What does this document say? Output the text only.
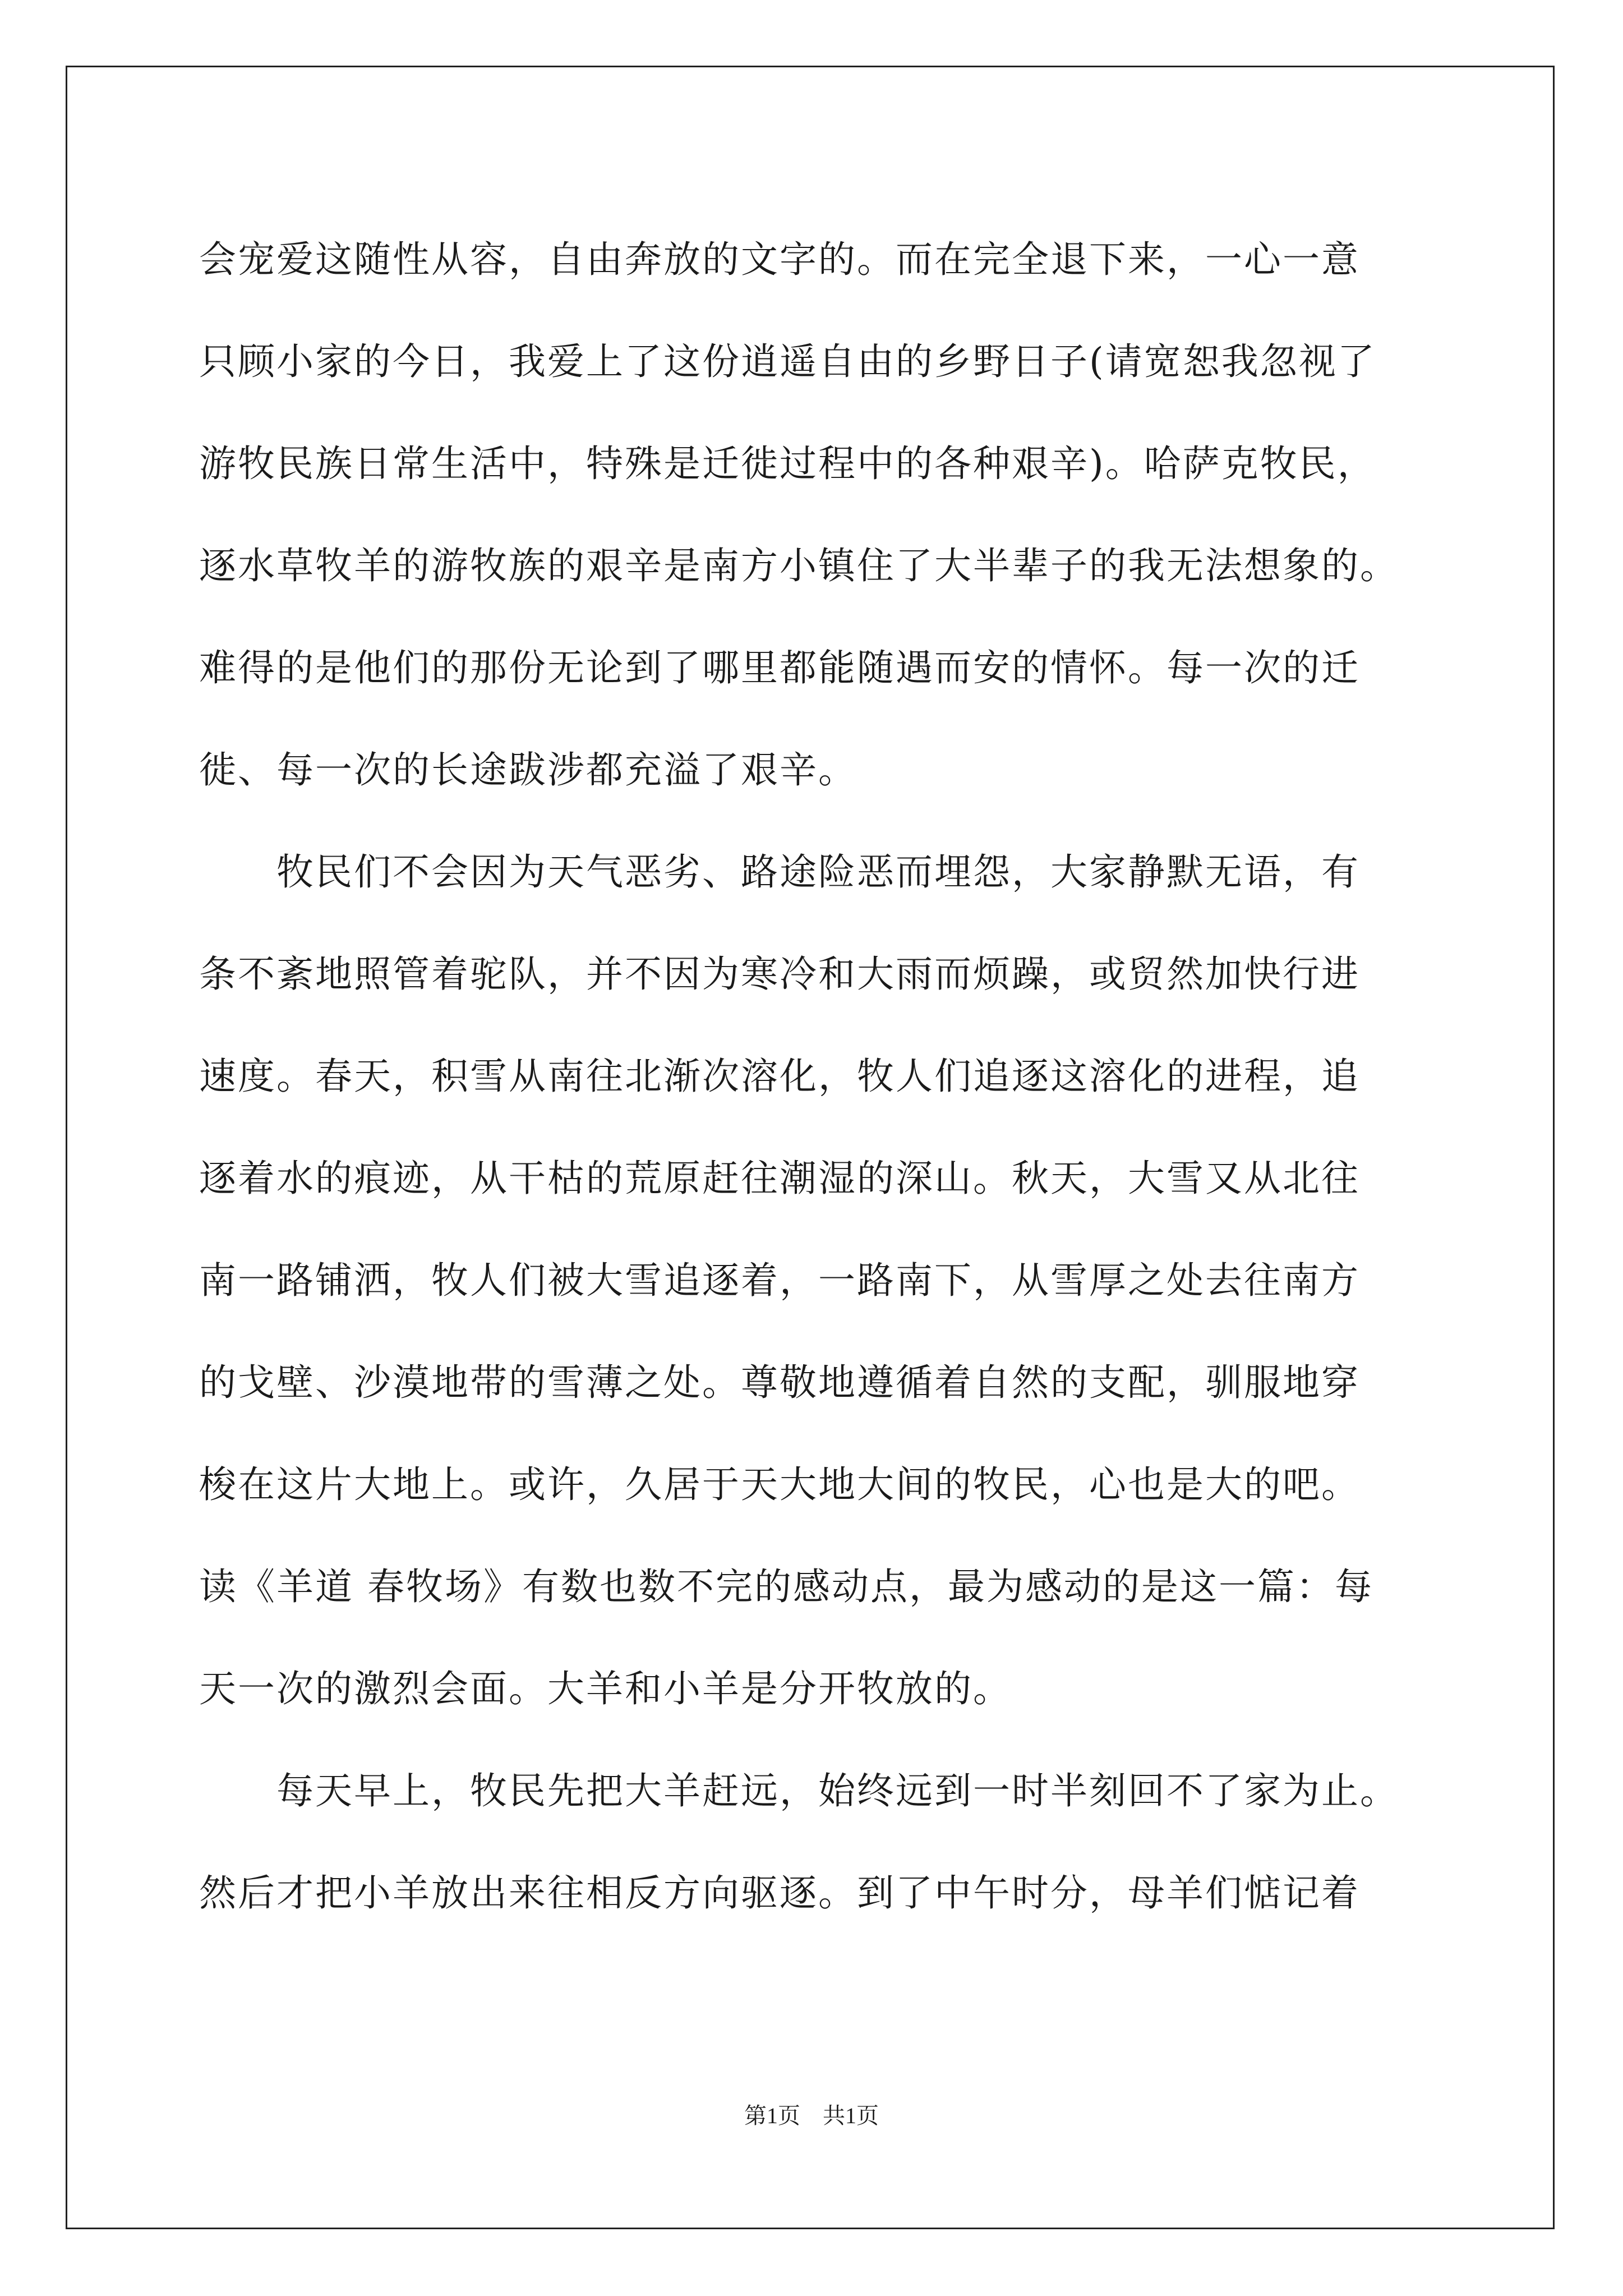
会宠爱这随性从容，自由奔放的文字的。而在完全退下来，一心一意
只顾小家的今日，我爱上了这份逍遥自由的乡野日子(请宽恕我忽视了
游牧民族日常生活中，特殊是迁徙过程中的各种艰辛)。哈萨克牧民，
逐水草牧羊的游牧族的艰辛是南方小镇住了大半辈子的我无法想象的。
难得的是他们的那份无论到了哪里都能随遇而安的情怀。每一次的迁
徙、每一次的长途跋涉都充溢了艰辛。
　　牧民们不会因为天气恶劣、路途险恶而埋怨，大家静默无语，有
条不紊地照管着驼队，并不因为寒冷和大雨而烦躁，或贸然加快行进
速度。春天，积雪从南往北渐次溶化，牧人们追逐这溶化的进程，追
逐着水的痕迹，从干枯的荒原赶往潮湿的深山。秋天，大雪又从北往
南一路铺洒，牧人们被大雪追逐着，一路南下，从雪厚之处去往南方
的戈壁、沙漠地带的雪薄之处。尊敬地遵循着自然的支配，驯服地穿
梭在这片大地上。或许，久居于天大地大间的牧民，心也是大的吧。
读《羊道 春牧场》有数也数不完的感动点，最为感动的是这一篇：每
天一次的激烈会面。大羊和小羊是分开牧放的。
　　每天早上，牧民先把大羊赶远，始终远到一时半刻回不了家为止。
然后才把小羊放出来往相反方向驱逐。到了中午时分，母羊们惦记着
第1页　共1页
